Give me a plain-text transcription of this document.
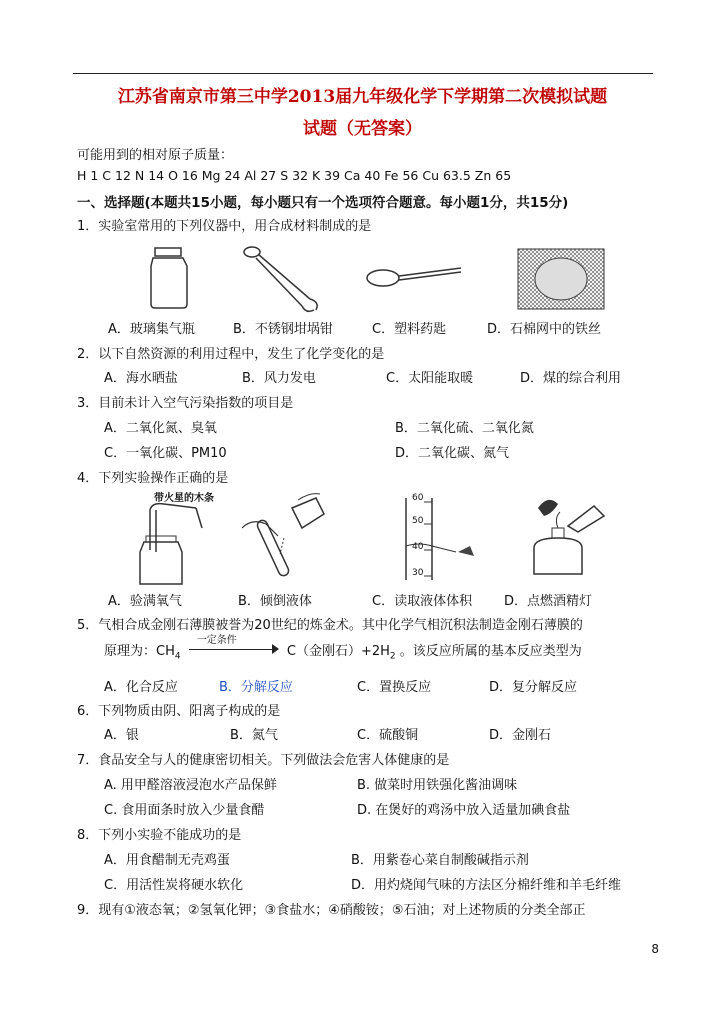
江苏省南京市第三中学2013届九年级化学下学期第二次模拟试题
试题（无答案）
可能用到的相对原子质量：
H 1 C 12 N 14 O 16 Mg 24 Al 27 S 32 K 39 Ca 40 Fe 56 Cu 63.5 Zn 65
一、选择题(本题共15小题，每小题只有一个选项符合题意。每小题1分，共15分)
1．实验室常用的下列仪器中，用合成材料制成的是
A．玻璃集气瓶	B．不锈钢坩埚钳	C．塑料药匙	D．石棉网中的铁丝
2．以下自然资源的利用过程中，发生了化学变化的是
A．海水晒盐	B．风力发电	C．太阳能取暖	D．煤的综合利用
3．目前未计入空气污染指数的项目是
A．二氧化氮、臭氧	B．二氧化硫、二氧化氮
C．一氧化碳、PM10	D．二氧化碳、氮气
4．下列实验操作正确的是
带火星的木条	60
50
40
30
A．验满氧气	B．倾倒液体	C．读取液体体积 D．点燃酒精灯
5．气相合成金刚石薄膜被誉为20世纪的炼金术。其中化学气相沉积法制造金刚石薄膜的
原理为：$CH_4$
一定条件
C（金刚石）$+2H_2$ 。该反应所属的基本反应类型为
A．化合反应	B．分解反应	C．置换反应	D．复分解反应
6．下列物质由阴、阳离子构成的是
A．银	B．氮气	C．硫酸铜	D．金刚石
7．食品安全与人的健康密切相关。下列做法会危害人体健康的是
A. 用甲醛溶液浸泡水产品保鲜	B. 做菜时用铁强化酱油调味
C. 食用面条时放入少量食醋	D. 在煲好的鸡汤中放入适量加碘食盐
8．下列小实验不能成功的是
A．用食醋制无壳鸡蛋	B．用紫卷心菜自制酸碱指示剂
C．用活性炭将硬水软化	D．用灼烧闻气味的方法区分棉纤维和羊毛纤维
9．现有①液态氧；②氢氧化钾；③食盐水；④硝酸铵；⑤石油；对上述物质的分类全部正
8
